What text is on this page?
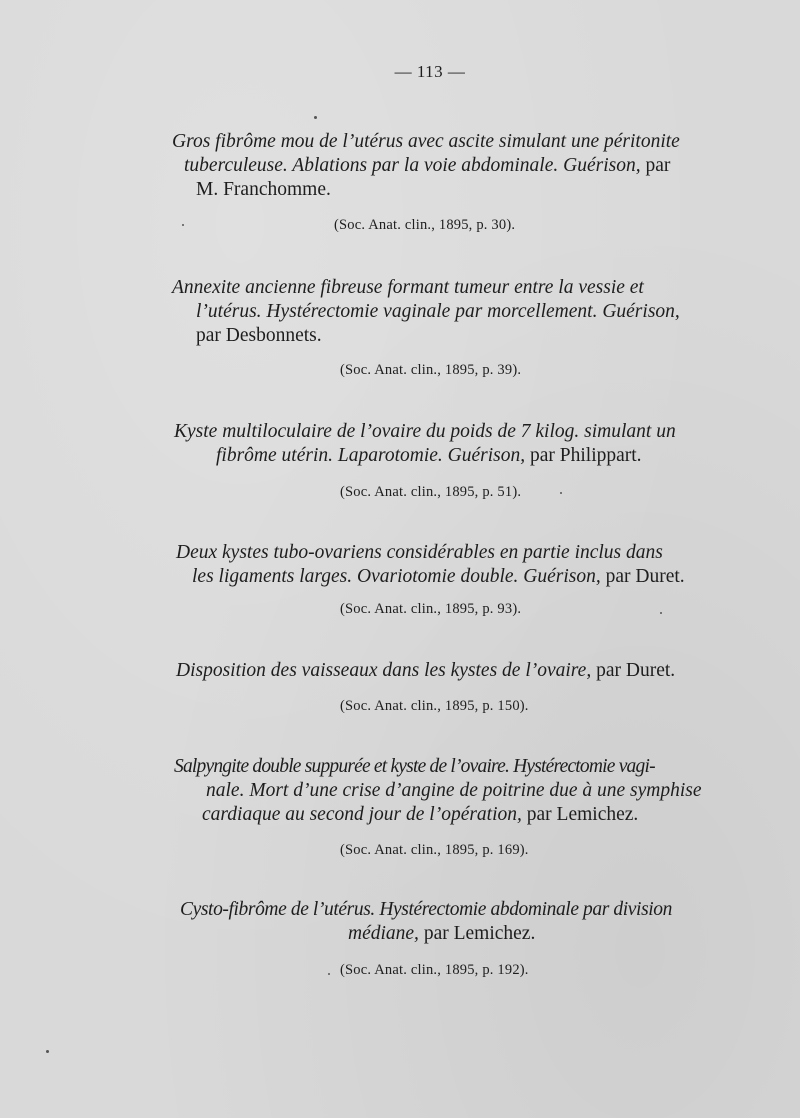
— 113 —
Gros fibrôme mou de l’utérus avec ascite simulant une péritonite
tuberculeuse. Ablations par la voie abdominale. Guérison, par
M. Franchomme.
(Soc. Anat. clin., 1895, p. 30).
Annexite ancienne fibreuse formant tumeur entre la vessie et
l’utérus. Hystérectomie vaginale par morcellement. Guérison,
par Desbonnets.
(Soc. Anat. clin., 1895, p. 39).
Kyste multiloculaire de l’ovaire du poids de 7 kilog. simulant un
fibrôme utérin. Laparotomie. Guérison, par Philippart.
(Soc. Anat. clin., 1895, p. 51).
Deux kystes tubo-ovariens considérables en partie inclus dans
les ligaments larges. Ovariotomie double. Guérison, par Duret.
(Soc. Anat. clin., 1895, p. 93).
Disposition des vaisseaux dans les kystes de l’ovaire, par Duret.
(Soc. Anat. clin., 1895, p. 150).
Salpyngite double suppurée et kyste de l’ovaire. Hystérectomie vagi-
nale. Mort d’une crise d’angine de poitrine due à une symphise
cardiaque au second jour de l’opération, par Lemichez.
(Soc. Anat. clin., 1895, p. 169).
Cysto-fibrôme de l’utérus. Hystérectomie abdominale par division
médiane, par Lemichez.
(Soc. Anat. clin., 1895, p. 192).
